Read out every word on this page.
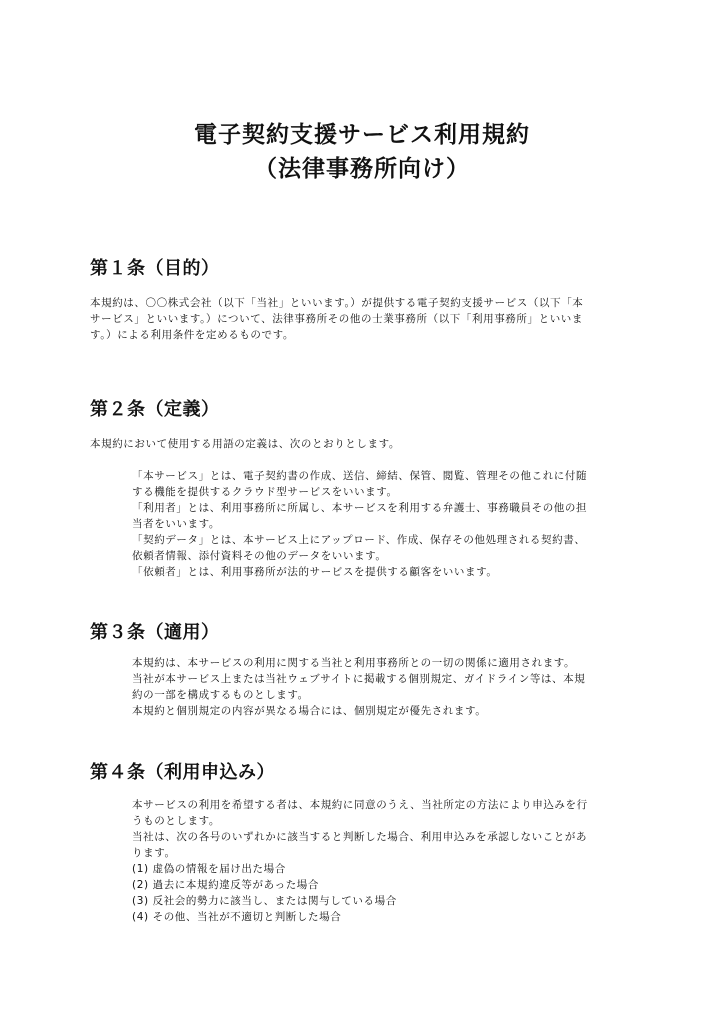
電子契約支援サービス利用規約
（法律事務所向け）
第１条（目的）
本規約は、〇〇株式会社（以下「当社」といいます。）が提供する電子契約支援サービス（以下「本
サービス」といいます。）について、法律事務所その他の士業事務所（以下「利用事務所」といいま
す。）による利用条件を定めるものです。
第２条（定義）
本規約において使用する用語の定義は、次のとおりとします。
「本サービス」とは、電子契約書の作成、送信、締結、保管、閲覧、管理その他これに付随
する機能を提供するクラウド型サービスをいいます。
「利用者」とは、利用事務所に所属し、本サービスを利用する弁護士、事務職員その他の担
当者をいいます。
「契約データ」とは、本サービス上にアップロード、作成、保存その他処理される契約書、
依頼者情報、添付資料その他のデータをいいます。
「依頼者」とは、利用事務所が法的サービスを提供する顧客をいいます。
第３条（適用）
本規約は、本サービスの利用に関する当社と利用事務所との一切の関係に適用されます。
当社が本サービス上または当社ウェブサイトに掲載する個別規定、ガイドライン等は、本規
約の一部を構成するものとします。
本規約と個別規定の内容が異なる場合には、個別規定が優先されます。
第４条（利用申込み）
本サービスの利用を希望する者は、本規約に同意のうえ、当社所定の方法により申込みを行
うものとします。
当社は、次の各号のいずれかに該当すると判断した場合、利用申込みを承認しないことがあ
ります。
(1) 虚偽の情報を届け出た場合
(2) 過去に本規約違反等があった場合
(3) 反社会的勢力に該当し、または関与している場合
(4) その他、当社が不適切と判断した場合
